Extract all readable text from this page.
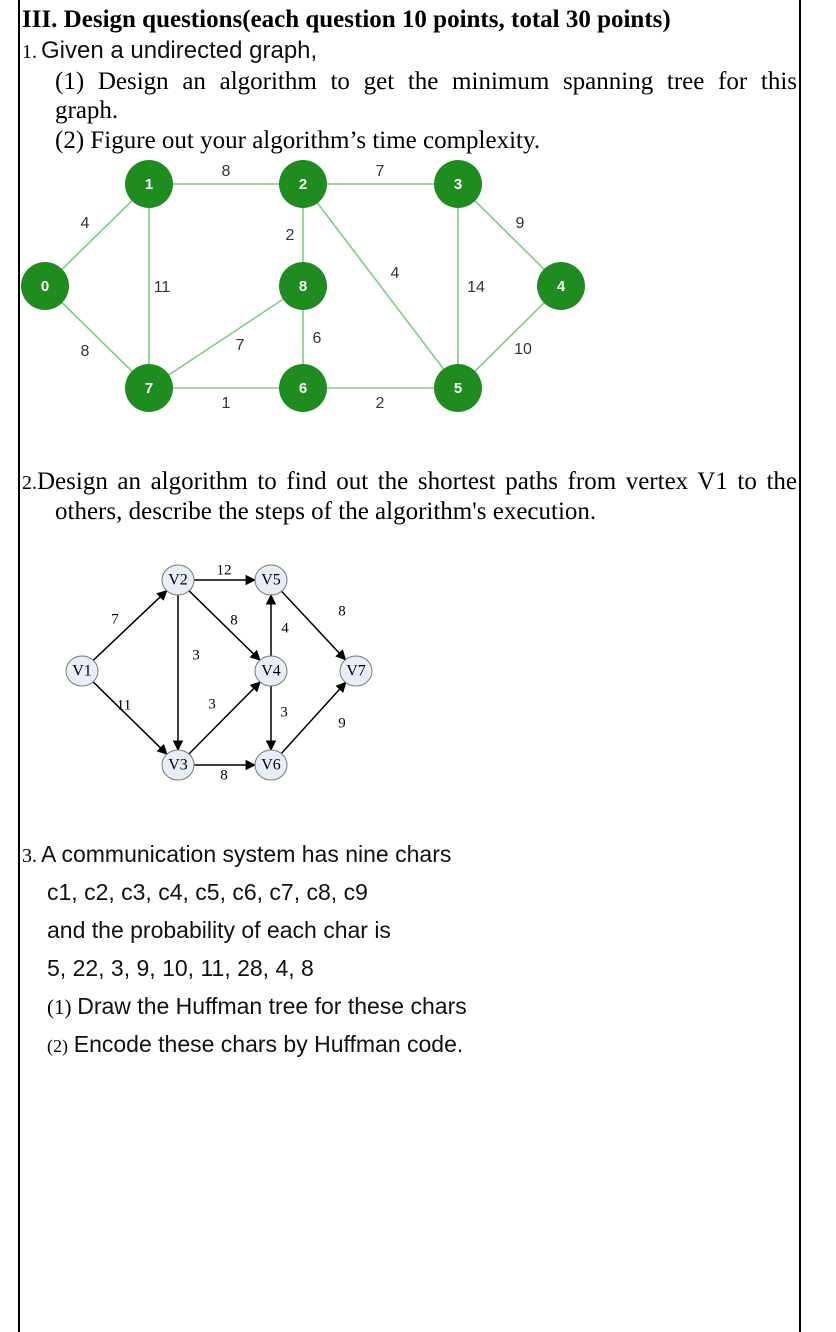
III. Design questions(each question 10 points, total 30 points)
1. Given a undirected graph,
(1) Design an algorithm to get the minimum spanning tree for this
graph.
(2) Figure out your algorithm’s time complexity.
4
8	7
9
8
11
2
4
14
10
7	6
1	2
0
1	2	3
4
5
6
7
8
2.Design an algorithm to find out the shortest paths from vertex V1 to the
others, describe the steps of the algorithm's execution.
7
11
12
3
8
3
8
4
3
8
9
V1
V2
V3
V4
V5
V6
V7
3. A communication system has nine chars
c1, c2, c3, c4, c5, c6, c7, c8, c9
and the probability of each char is
5, 22, 3, 9, 10, 11, 28, 4, 8
(1) Draw the Huffman tree for these chars
(2) Encode these chars by Huffman code.
